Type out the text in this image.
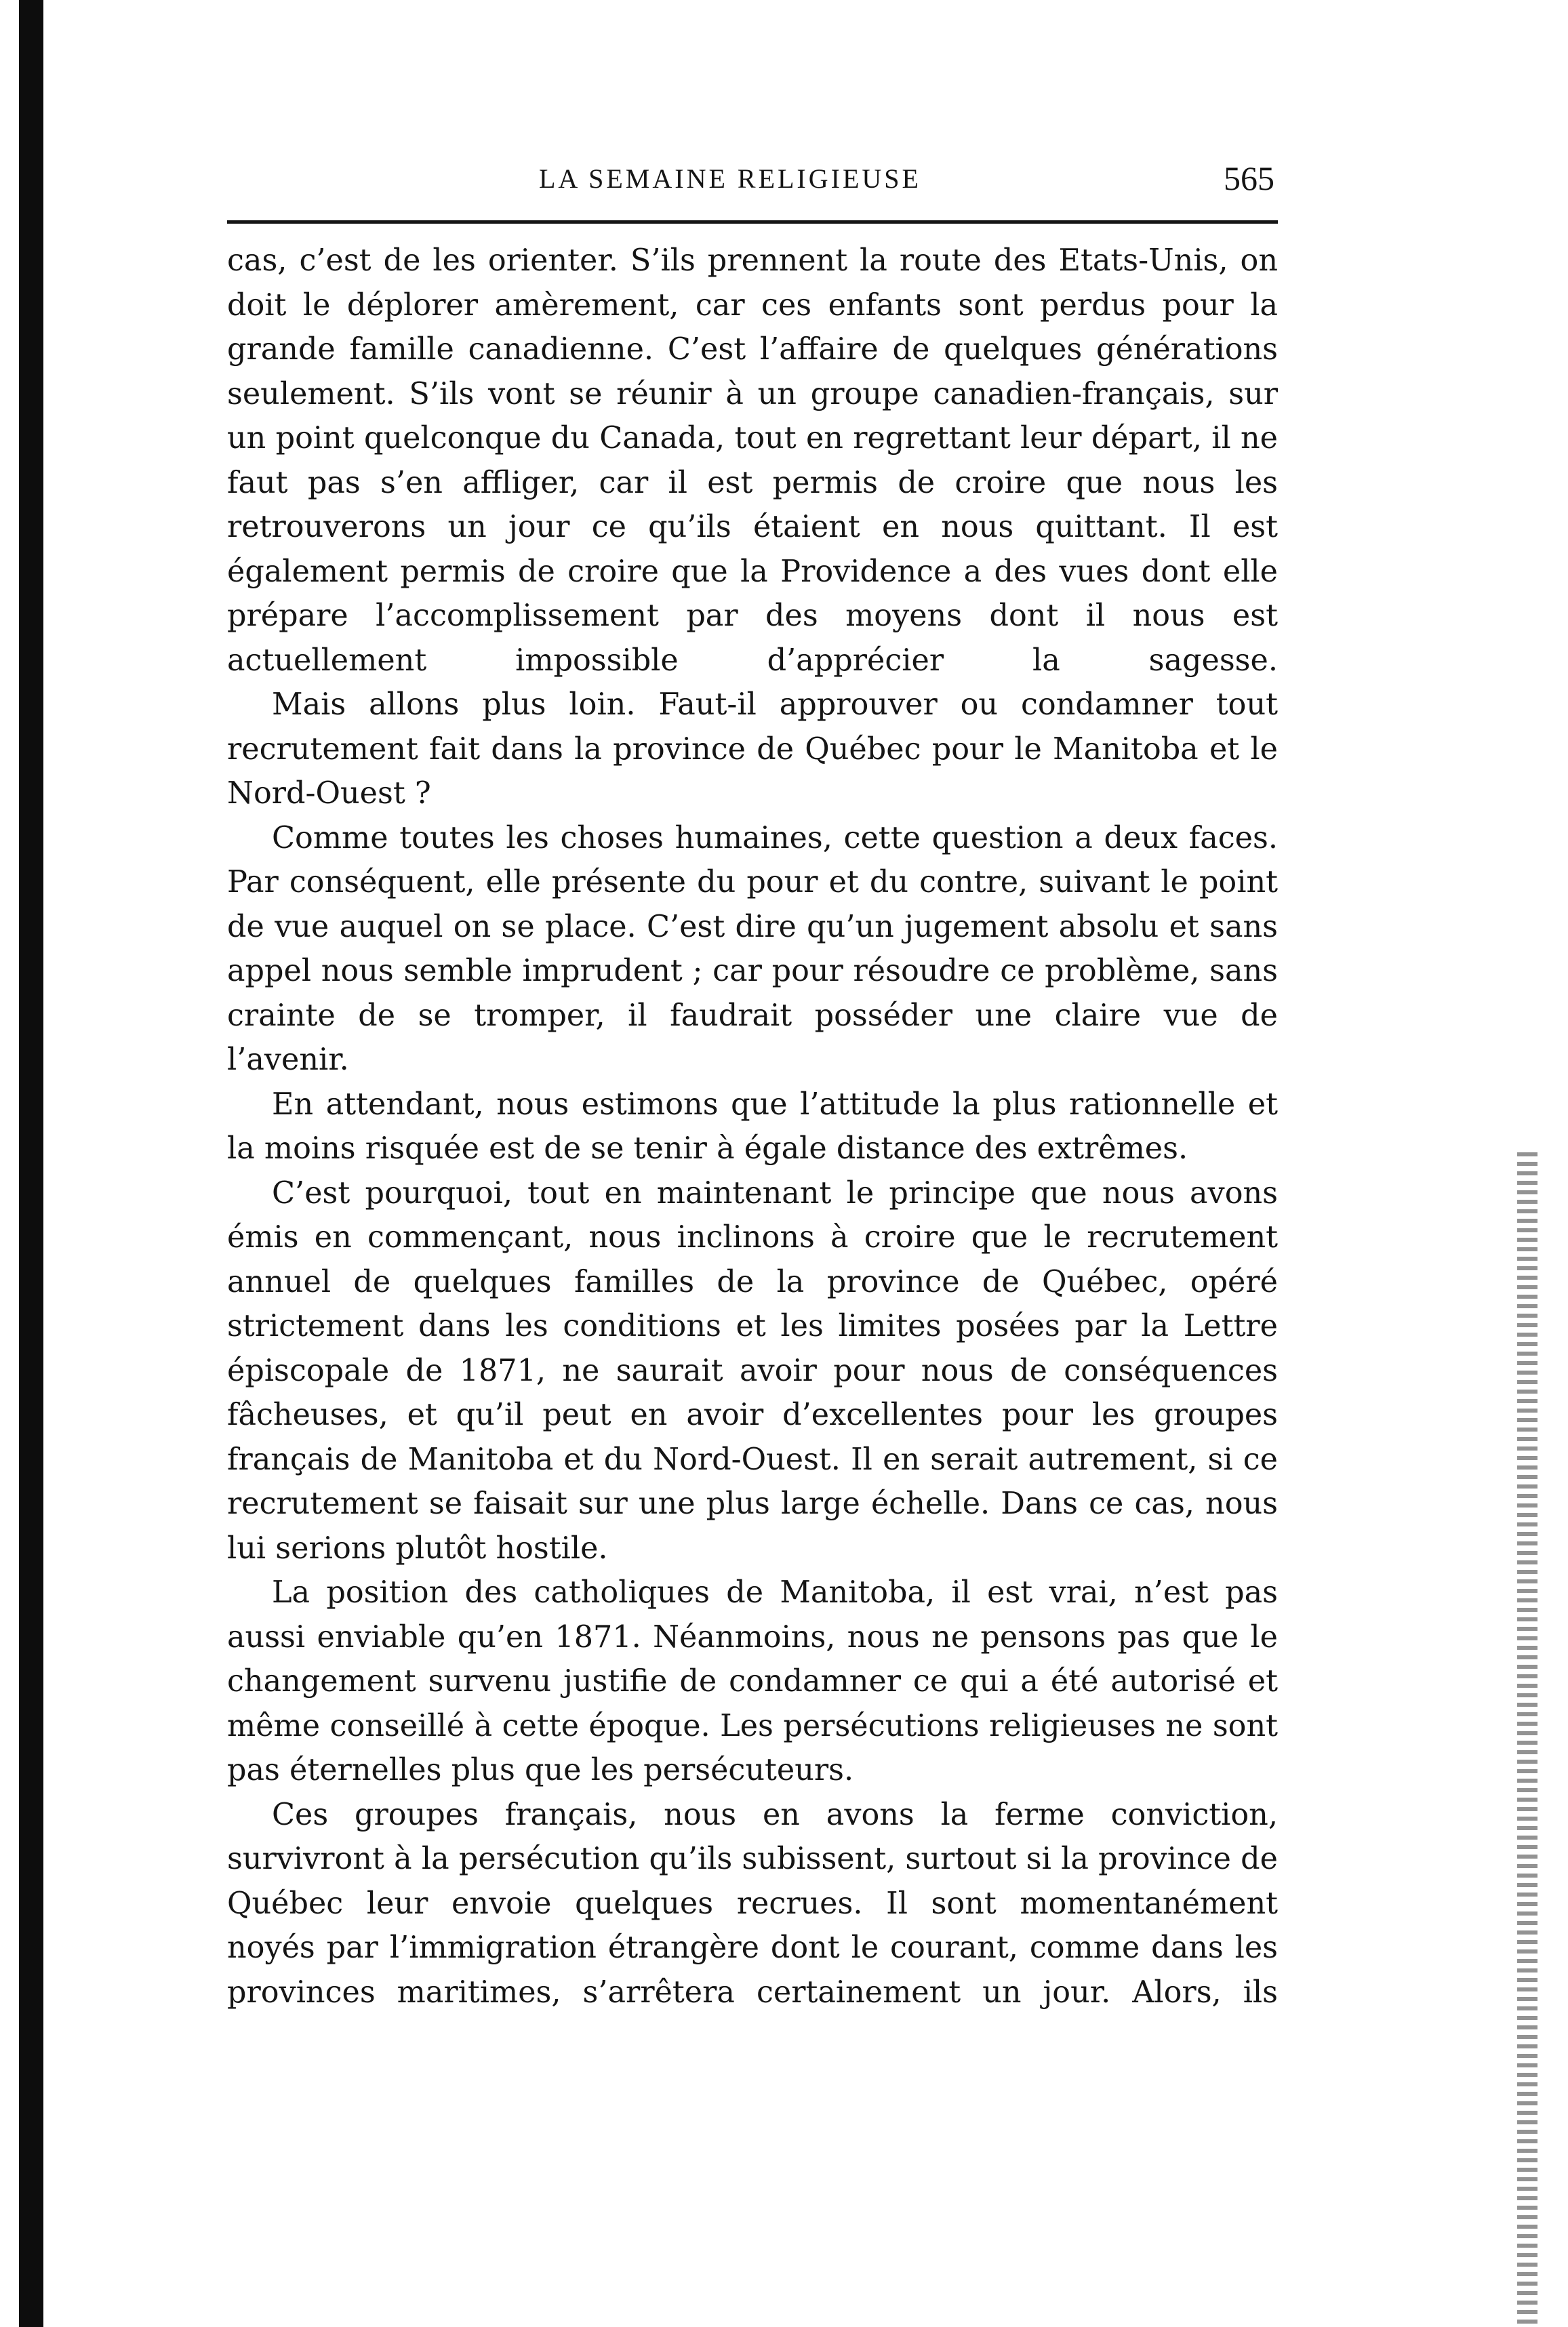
LA SEMAINE RELIGIEUSE	565

cas, c’est de les orienter. S’ils prennent la route des Etats-Unis, on doit le déplorer amèrement, car ces enfants sont perdus pour la grande famille canadienne. C’est l’affaire de quelques générations seulement. S’ils vont se réunir à un groupe canadien-français, sur un point quelconque du Canada, tout en regrettant leur départ, il ne faut pas s’en affliger, car il est permis de croire que nous les retrouverons un jour ce qu’ils étaient en nous quittant. Il est également permis de croire que la Providence a des vues dont elle prépare l’accomplissement par des moyens dont il nous est actuellement impossible d’apprécier la sagesse.

Mais allons plus loin. Faut-il approuver ou condamner tout recrutement fait dans la province de Québec pour le Manitoba et le Nord-Ouest ?

Comme toutes les choses humaines, cette question a deux faces. Par conséquent, elle présente du pour et du contre, suivant le point de vue auquel on se place. C’est dire qu’un jugement absolu et sans appel nous semble imprudent ; car pour résoudre ce problème, sans crainte de se tromper, il faudrait posséder une claire vue de l’avenir.

En attendant, nous estimons que l’attitude la plus rationnelle et la moins risquée est de se tenir à égale distance des extrêmes.

C’est pourquoi, tout en maintenant le principe que nous avons émis en commençant, nous inclinons à croire que le recrutement annuel de quelques familles de la province de Québec, opéré strictement dans les conditions et les limites posées par la Lettre épiscopale de 1871, ne saurait avoir pour nous de conséquences fâcheuses, et qu’il peut en avoir d’excellentes pour les groupes français de Manitoba et du Nord-Ouest. Il en serait autrement, si ce recrutement se faisait sur une plus large échelle. Dans ce cas, nous lui serions plutôt hostile.

La position des catholiques de Manitoba, il est vrai, n’est pas aussi enviable qu’en 1871. Néanmoins, nous ne pensons pas que le changement survenu justifie de condamner ce qui a été autorisé et même conseillé à cette époque. Les persécutions religieuses ne sont pas éternelles plus que les persécuteurs.

Ces groupes français, nous en avons la ferme conviction, survivront à la persécution qu’ils subissent, surtout si la province de Québec leur envoie quelques recrues. Il sont momentanément noyés par l’immigration étrangère dont le courant, comme dans les provinces maritimes, s’arrêtera certainement un jour. Alors, ils
